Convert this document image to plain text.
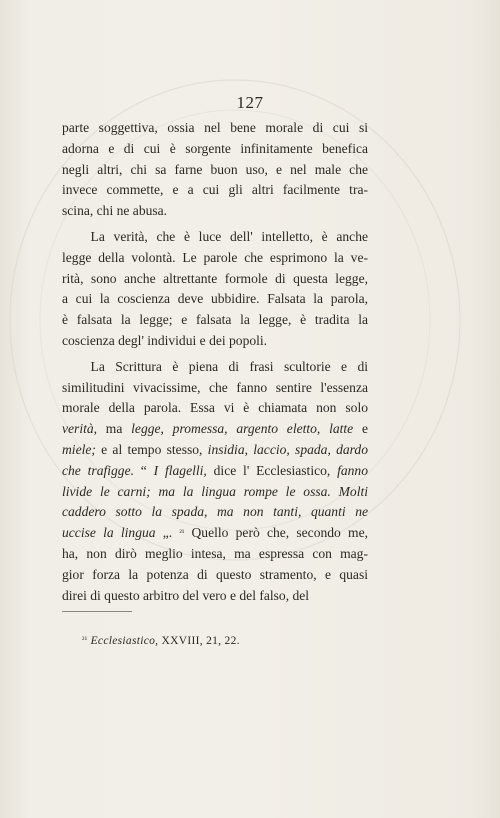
127
parte soggettiva, ossia nel bene morale di cui si
adorna e di cui è sorgente infinitamente benefica
negli altri, chi sa farne buon uso, e nel male che
invece commette, e a cui gli altri facilmente tra-
scina, chi ne abusa.
La verità, che è luce dell' intelletto, è anche
legge della volontà. Le parole che esprimono la ve-
rità, sono anche altrettante formole di questa legge,
a cui la coscienza deve ubbidire. Falsata la parola,
è falsata la legge; e falsata la legge, è tradita la
coscienza degl' individui e dei popoli.
La Scrittura è piena di frasi scultorie e di
similitudini vivacissime, che fanno sentire l'essenza
morale della parola. Essa vi è chiamata non solo
verità, ma legge, promessa, argento eletto, latte e
miele; e al tempo stesso, insidia, laccio, spada, dardo
che trafigge. “ I flagelli, dice l' Ecclesiastico, fanno
livide le carni; ma la lingua rompe le ossa. Molti
caddero sotto la spada, ma non tanti, quanti ne
uccise la lingua „. $^{^{21}}$ Quello però che, secondo me,
ha, non dirò meglio intesa, ma espressa con mag-
gior forza la potenza di questo stramento, e quasi
direi di questo arbitro del vero e del falso, del
$^{^{21}}$ Ecclesiastico, XXVIII, 21, 22.
